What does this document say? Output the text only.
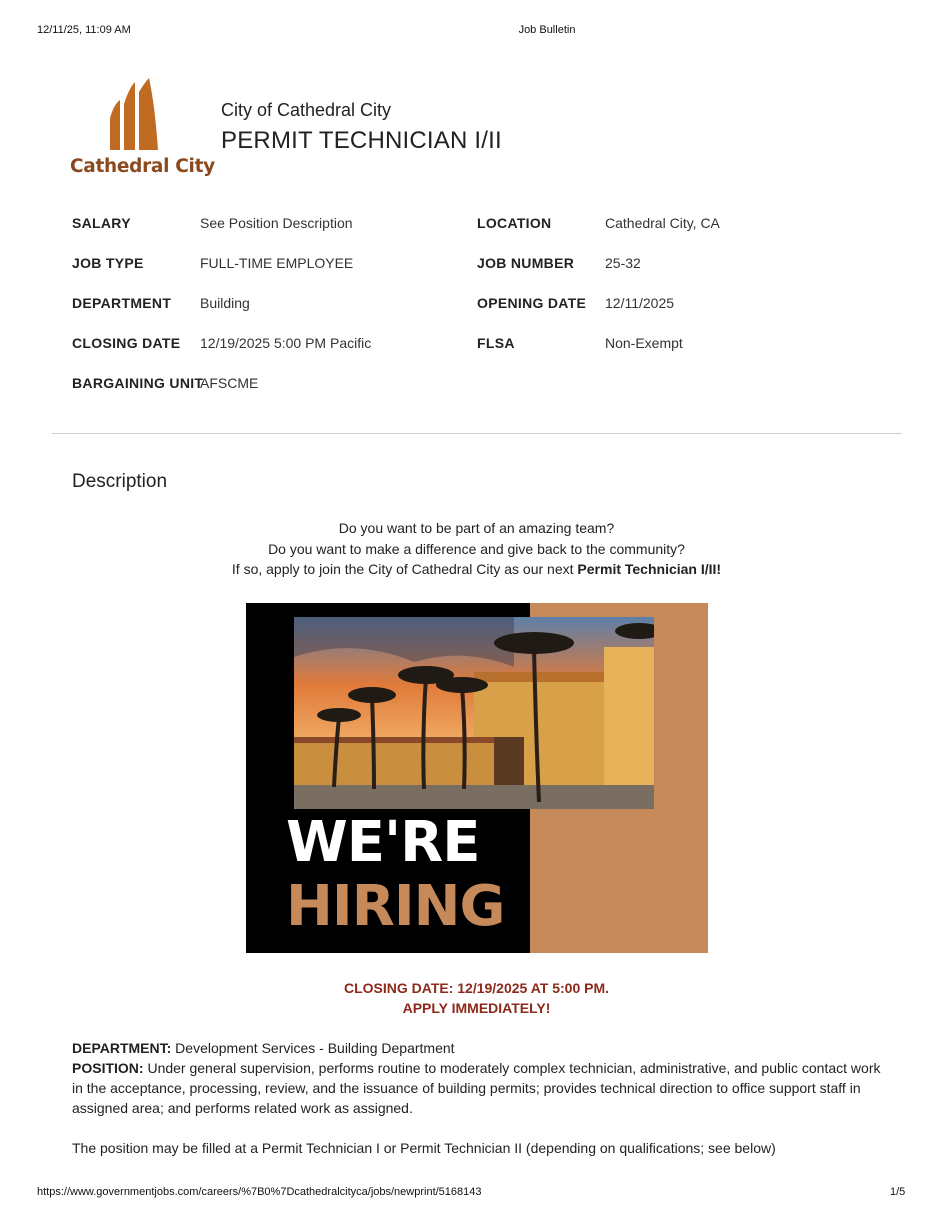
12/11/25, 11:09 AM	Job Bulletin
Cathedral City
City of Cathedral City
PERMIT TECHNICIAN I/II
SALARY	See Position Description	LOCATION	Cathedral City, CA
JOB TYPE	FULL-TIME EMPLOYEE	JOB NUMBER 25-32
DEPARTMENT Building	OPENING DATE 12/11/2025
CLOSING DATE 12/19/2025 5:00 PM Pacific	FLSA	Non-Exempt
BARGAINING UNIT
AFSCME
Description
Do you want to be part of an amazing team?
Do you want to make a difference and give back to the community?
If so, apply to join the City of Cathedral City as our next Permit Technician I/II!
WE'RE
HIRING
CLOSING DATE: 12/19/2025 AT 5:00 PM.
APPLY IMMEDIATELY!
DEPARTMENT: Development Services - Building Department
POSITION: Under general supervision, performs routine to moderately complex technician, administrative, and public contact work in the acceptance, processing, review, and the issuance of building permits; provides technical direction to office support staff in assigned area; and performs related work as assigned.
The position may be filled at a Permit Technician I or Permit Technician II (depending on qualifications; see below)
https://www.governmentjobs.com/careers/%7B0%7Dcathedralcityca/jobs/newprint/5168143	1/5
